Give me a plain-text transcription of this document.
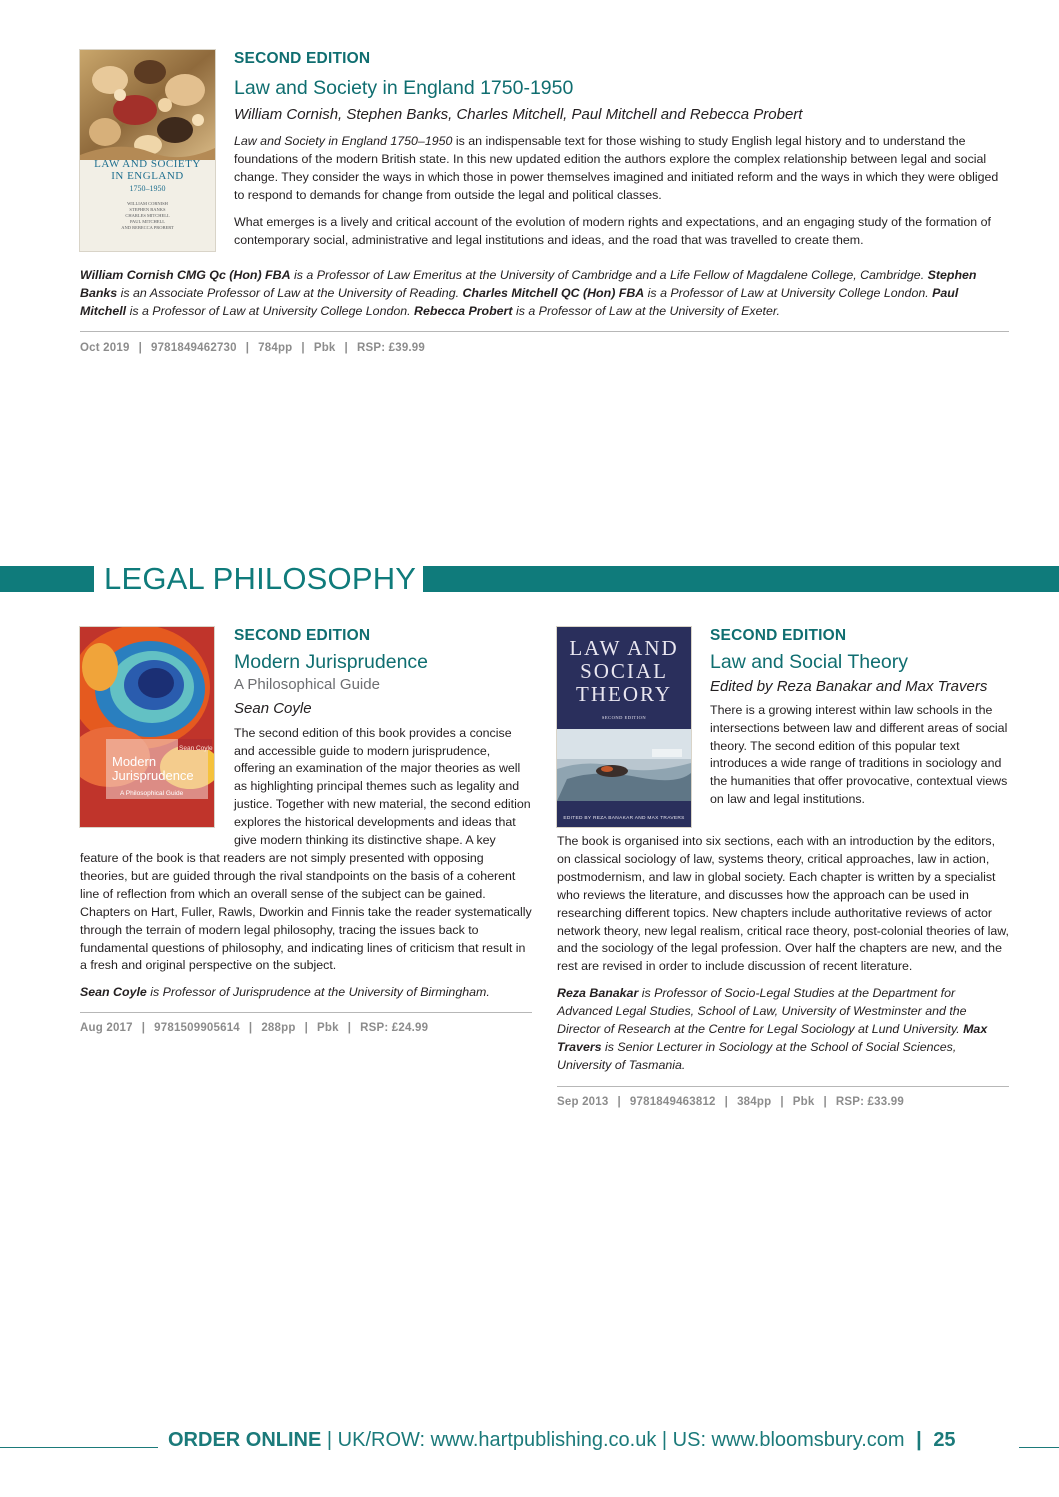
LAW AND SOCIETY
IN ENGLAND
1750–1950
WILLIAM CORNISH
STEPHEN BANKS
CHARLES MITCHELL
PAUL MITCHELL
AND REBECCA PROBERT
SECOND EDITION
Law and Society in England 1750-1950
William Cornish, Stephen Banks, Charles Mitchell, Paul Mitchell and Rebecca Probert

Law and Society in England 1750–1950 is an indispensable text for those wishing to study English legal history and to understand the foundations of the modern British state. In this new updated edition the authors explore the complex relationship between legal and social change. They consider the ways in which those in power themselves imagined and initiated reform and the ways in which they were obliged to respond to demands for change from outside the legal and political classes.

What emerges is a lively and critical account of the evolution of modern rights and expectations, and an engaging study of the formation of contemporary social, administrative and legal institutions and ideas, and the road that was travelled to create them.

William Cornish CMG Qc (Hon) FBA is a Professor of Law Emeritus at the University of Cambridge and a Life Fellow of Magdalene College, Cambridge. Stephen Banks is an Associate Professor of Law at the University of Reading. Charles Mitchell QC (Hon) FBA is a Professor of Law at University College London. Paul Mitchell is a Professor of Law at University College London. Rebecca Probert is a Professor of Law at the University of Exeter.
Oct 2019 | 9781849462730 | 784pp | Pbk | RSP: £39.99
LEGAL PHILOSOPHY
Sean Coyle
Modern
Jurisprudence
A Philosophical Guide
SECOND EDITION
Modern Jurisprudence
A Philosophical Guide
Sean Coyle

The second edition of this book provides a concise and accessible guide to modern jurisprudence, offering an examination of the major theories as well as highlighting principal themes such as legality and justice. Together with new material, the second edition explores the historical developments and ideas that give modern thinking its distinctive shape. A key feature of the book is that readers are not simply presented with opposing theories, but are guided through the rival standpoints on the basis of a coherent line of reflection from which an overall sense of the subject can be gained. Chapters on Hart, Fuller, Rawls, Dworkin and Finnis take the reader systematically through the terrain of modern legal philosophy, tracing the issues back to fundamental questions of philosophy, and indicating lines of criticism that result in a fresh and original perspective on the subject.

Sean Coyle is Professor of Jurisprudence at the University of Birmingham.
Aug 2017 | 9781509905614 | 288pp | Pbk | RSP: £24.99
LAW AND
SOCIAL
THEORY
SECOND EDITION
EDITED BY REZA BANAKAR AND MAX TRAVERS
SECOND EDITION
Law and Social Theory
Edited by Reza Banakar and Max Travers

There is a growing interest within law schools in the intersections between law and different areas of social theory. The second edition of this popular text introduces a wide range of traditions in sociology and the humanities that offer provocative, contextual views on law and legal institutions.

The book is organised into six sections, each with an introduction by the editors, on classical sociology of law, systems theory, critical approaches, law in action, postmodernism, and law in global society. Each chapter is written by a specialist who reviews the literature, and discusses how the approach can be used in researching different topics. New chapters include authoritative reviews of actor network theory, new legal realism, critical race theory, post-colonial theories of law, and the sociology of the legal profession. Over half the chapters are new, and the rest are revised in order to include discussion of recent literature.

Reza Banakar is Professor of Socio-Legal Studies at the Department for Advanced Legal Studies, School of Law, University of Westminster and the Director of Research at the Centre for Legal Sociology at Lund University. Max Travers is Senior Lecturer in Sociology at the School of Social Sciences, University of Tasmania.
Sep 2013 | 9781849463812 | 384pp | Pbk | RSP: £33.99
ORDER ONLINE | UK/ROW: www.hartpublishing.co.uk | US: www.bloomsbury.com | 25
